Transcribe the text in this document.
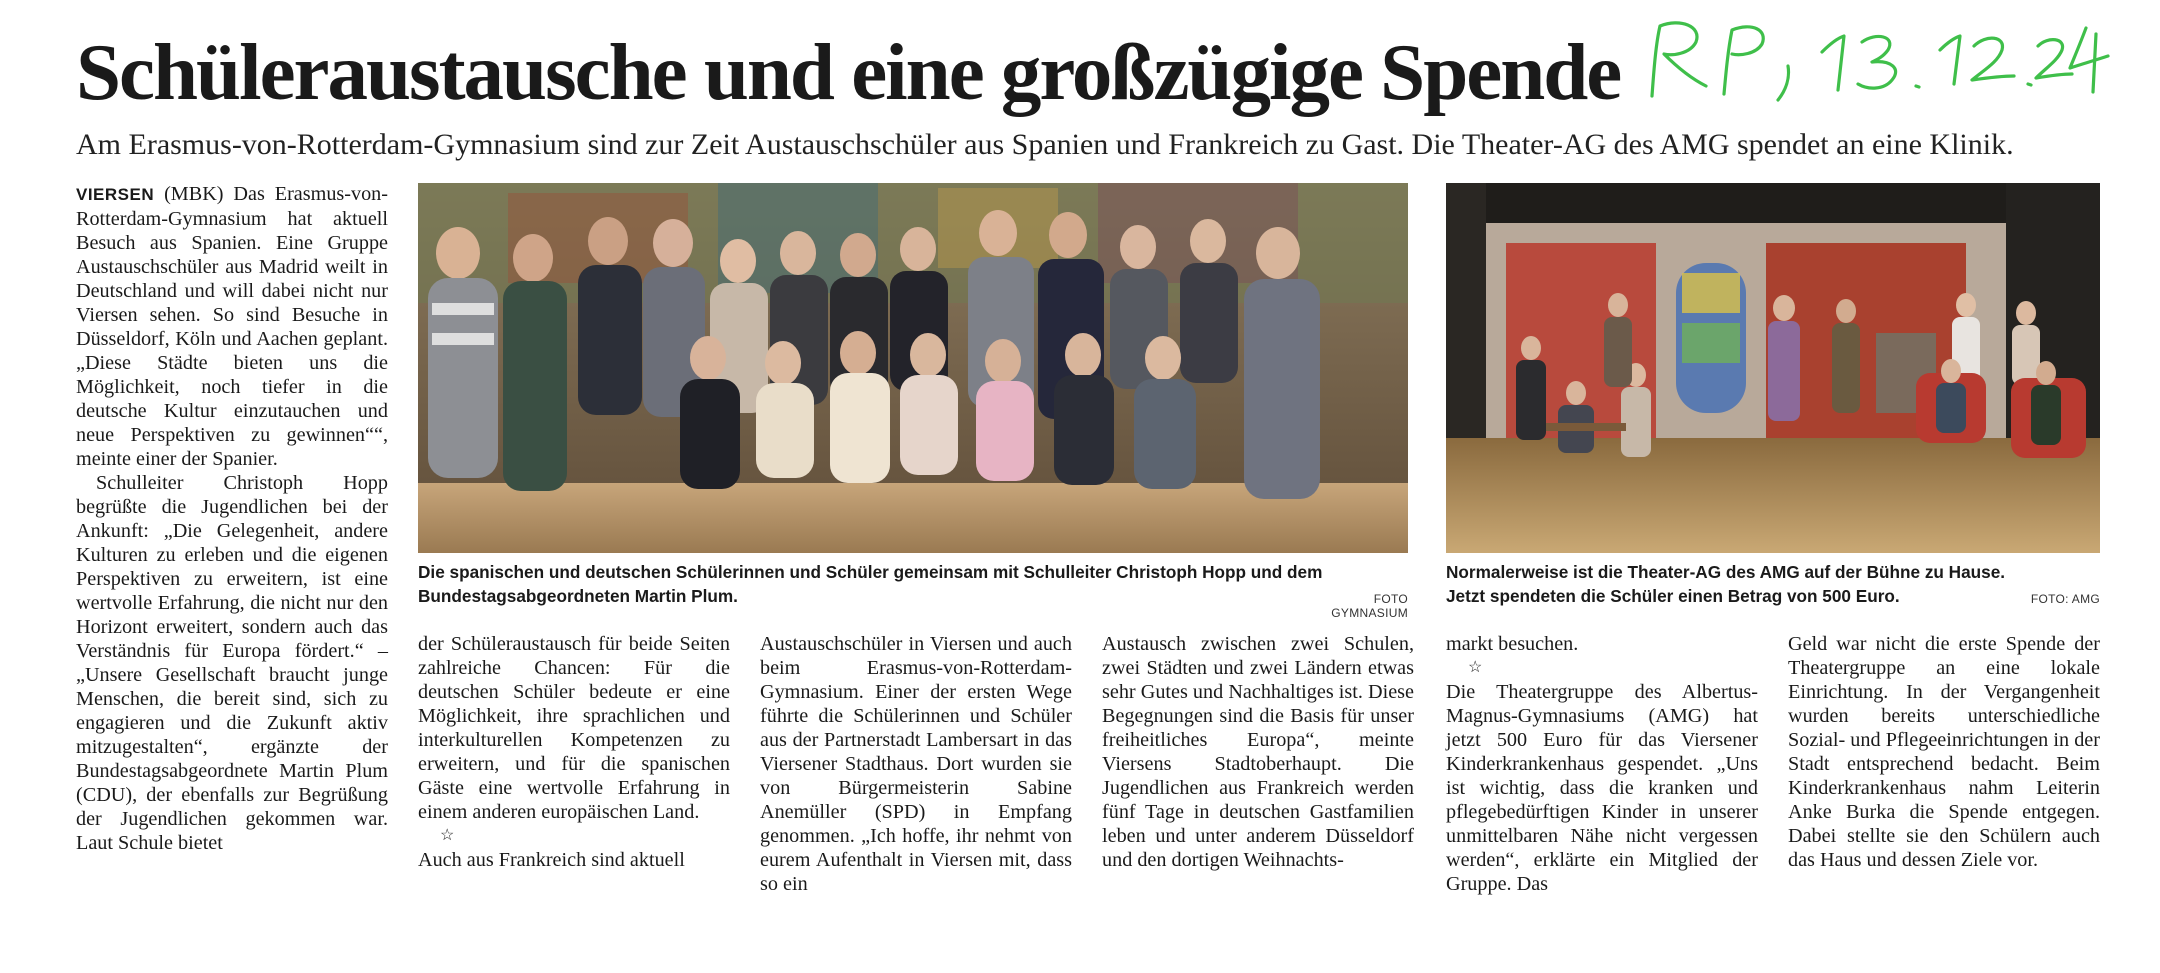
Schüleraustausche und eine großzügige Spende

Am Erasmus-von-Rotterdam-Gymnasium sind zur Zeit Austauschschüler aus Spanien und Frankreich zu Gast. Die Theater-AG des AMG spendet an eine Klinik.

VIERSEN (MBK) Das Erasmus-von-Rotterdam-Gymnasium hat aktuell Besuch aus Spanien. Eine Gruppe Austauschschüler aus Madrid weilt in Deutschland und will dabei nicht nur Viersen sehen. So sind Besuche in Düsseldorf, Köln und Aachen geplant. „Diese Städte bieten uns die Möglichkeit, noch tiefer in die deutsche Kultur einzutauchen und neue Perspektiven zu gewinnen““, meinte einer der Spanier.

Schulleiter Christoph Hopp begrüßte die Jugendlichen bei der Ankunft: „Die Gelegenheit, andere Kulturen zu erleben und die eigenen Perspektiven zu erweitern, ist eine wertvolle Erfahrung, die nicht nur den Horizont erweitert, sondern auch das Verständnis für Europa fördert.“ – „Unsere Gesellschaft braucht junge Menschen, die bereit sind, sich zu engagieren und die Zukunft aktiv mitzugestalten“, ergänzte der Bundestagsabgeordnete Martin Plum (CDU), der ebenfalls zur Begrüßung der Jugendlichen gekommen war. Laut Schule bietet

Die spanischen und deutschen Schülerinnen und Schüler gemeinsam mit Schulleiter Christoph Hopp und dem Bundestagsabgeordneten Martin Plum.	FOTO GYMNASIUM
Normalerweise ist die Theater-AG des AMG auf der Bühne zu Hause. Jetzt spendeten die Schüler einen Betrag von 500 Euro.	FOTO: AMG

der Schüleraustausch für beide Seiten zahlreiche Chancen: Für die deutschen Schüler bedeute er eine Möglichkeit, ihre sprachlichen und interkulturellen Kompetenzen zu erweitern, und für die spanischen Gäste eine wertvolle Erfahrung in einem anderen europäischen Land.

☆

Auch aus Frankreich sind aktuell

Austauschschüler in Viersen und auch beim Erasmus-von-Rotterdam-Gymnasium. Einer der ersten Wege führte die Schülerinnen und Schüler aus der Partnerstadt Lambersart in das Viersener Stadthaus. Dort wurden sie von Bürgermeisterin Sabine Anemüller (SPD) in Empfang genommen. „Ich hoffe, ihr nehmt von eurem Aufenthalt in Viersen mit, dass so ein

Austausch zwischen zwei Schulen, zwei Städten und zwei Ländern etwas sehr Gutes und Nachhaltiges ist. Diese Begegnungen sind die Basis für unser freiheitliches Europa“, meinte Viersens Stadtoberhaupt. Die Jugendlichen aus Frankreich werden fünf Tage in deutschen Gastfamilien leben und unter anderem Düsseldorf und den dortigen Weihnachts-

markt besuchen.

☆

Die Theatergruppe des Albertus-Magnus-Gymnasiums (AMG) hat jetzt 500 Euro für das Viersener Kinderkrankenhaus gespendet. „Uns ist wichtig, dass die kranken und pflegebedürftigen Kinder in unserer unmittelbaren Nähe nicht vergessen werden“, erklärte ein Mitglied der Gruppe. Das

Geld war nicht die erste Spende der Theatergruppe an eine lokale Einrichtung. In der Vergangenheit wurden bereits unterschiedliche Sozial- und Pflegeeinrichtungen in der Stadt entsprechend bedacht. Beim Kinderkrankenhaus nahm Leiterin Anke Burka die Spende entgegen. Dabei stellte sie den Schülern auch das Haus und dessen Ziele vor.
